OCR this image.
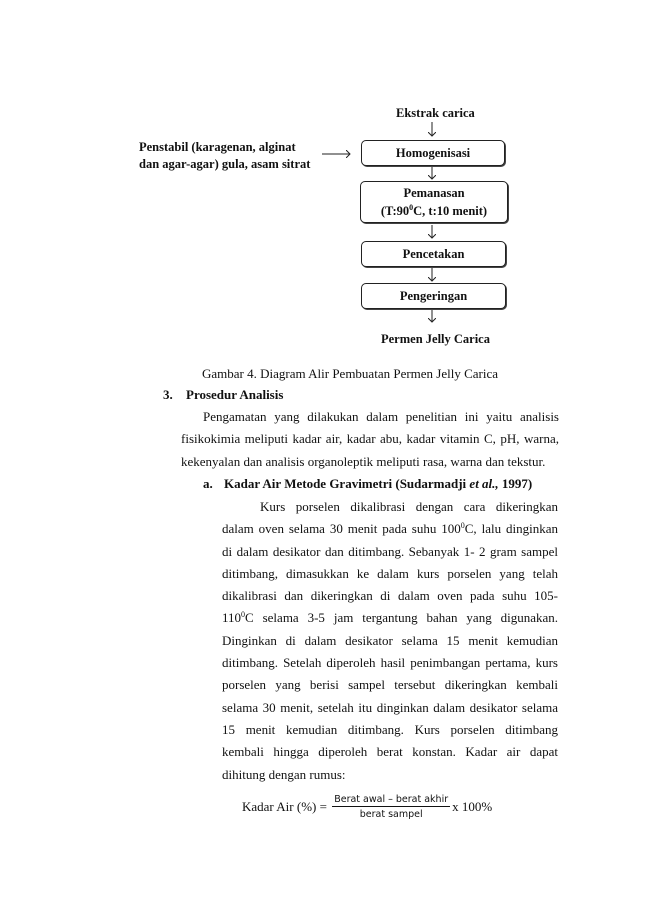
Ekstrak carica
Penstabil (karagenan, alginat
dan agar-agar) gula, asam sitrat
Homogenisasi
Pemanasan
($T:90^0C$, t:10 menit)
Pencetakan
Pengeringan
Permen Jelly Carica
Gambar 4. Diagram Alir Pembuatan Permen Jelly Carica
3. Prosedur Analisis
Pengamatan yang dilakukan dalam penelitian ini yaitu analisis
fisikokimia meliputi kadar air, kadar abu, kadar vitamin C, pH, warna,
kekenyalan dan analisis organoleptik meliputi rasa, warna dan tekstur.
a. Kadar Air Metode Gravimetri (Sudarmadji et al., 1997)
Kurs porselen dikalibrasi dengan cara dikeringkan
dalam oven selama 30 menit pada suhu $100^0C$, lalu dinginkan
di dalam desikator dan ditimbang. Sebanyak 1- 2 gram sampel
ditimbang, dimasukkan ke dalam kurs porselen yang telah
dikalibrasi dan dikeringkan di dalam oven pada suhu 105-
$110^0C$ selama 3-5 jam tergantung bahan yang digunakan.
Dinginkan di dalam desikator selama 15 menit kemudian
ditimbang. Setelah diperoleh hasil penimbangan pertama, kurs
porselen yang berisi sampel tersebut dikeringkan kembali
selama 30 menit, setelah itu dinginkan dalam desikator selama
15 menit kemudian ditimbang. Kurs porselen ditimbang
kembali hingga diperoleh berat konstan. Kadar air dapat
dihitung dengan rumus:
Kadar Air (%) = $\frac{\text{Berat awal – berat akhir}}{\text{berat sampel}}$ x 100%
